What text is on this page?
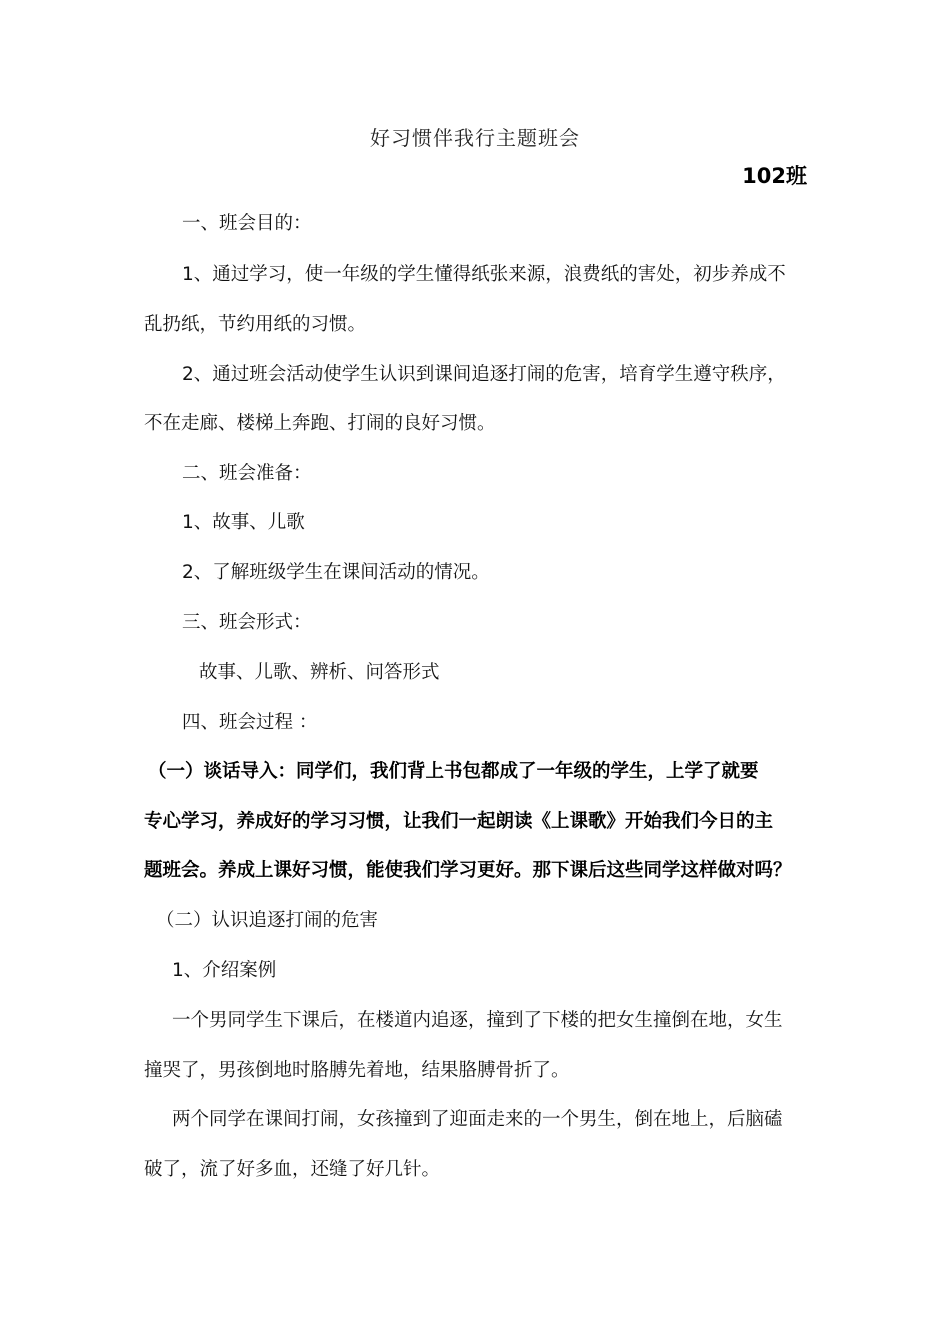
好习惯伴我行主题班会
102班
一、班会目的：
1、通过学习，使一年级的学生懂得纸张来源，浪费纸的害处，初步养成不
乱扔纸，节约用纸的习惯。
2、通过班会活动使学生认识到课间追逐打闹的危害，培育学生遵守秩序，
不在走廊、楼梯上奔跑、打闹的良好习惯。
二、班会准备：
1、故事、儿歌
2、了解班级学生在课间活动的情况。
三、班会形式：
故事、儿歌、辨析、问答形式
四、班会过程 ：
（一）谈话导入：同学们，我们背上书包都成了一年级的学生，上学了就要
专心学习，养成好的学习习惯，让我们一起朗读《上课歌》开始我们今日的主
题班会。养成上课好习惯，能使我们学习更好。那下课后这些同学这样做对吗？
（二）认识追逐打闹的危害
1、介绍案例
一个男同学生下课后，在楼道内追逐，撞到了下楼的把女生撞倒在地，女生
撞哭了，男孩倒地时胳膊先着地，结果胳膊骨折了。
两个同学在课间打闹，女孩撞到了迎面走来的一个男生，倒在地上，后脑磕
破了，流了好多血，还缝了好几针。
